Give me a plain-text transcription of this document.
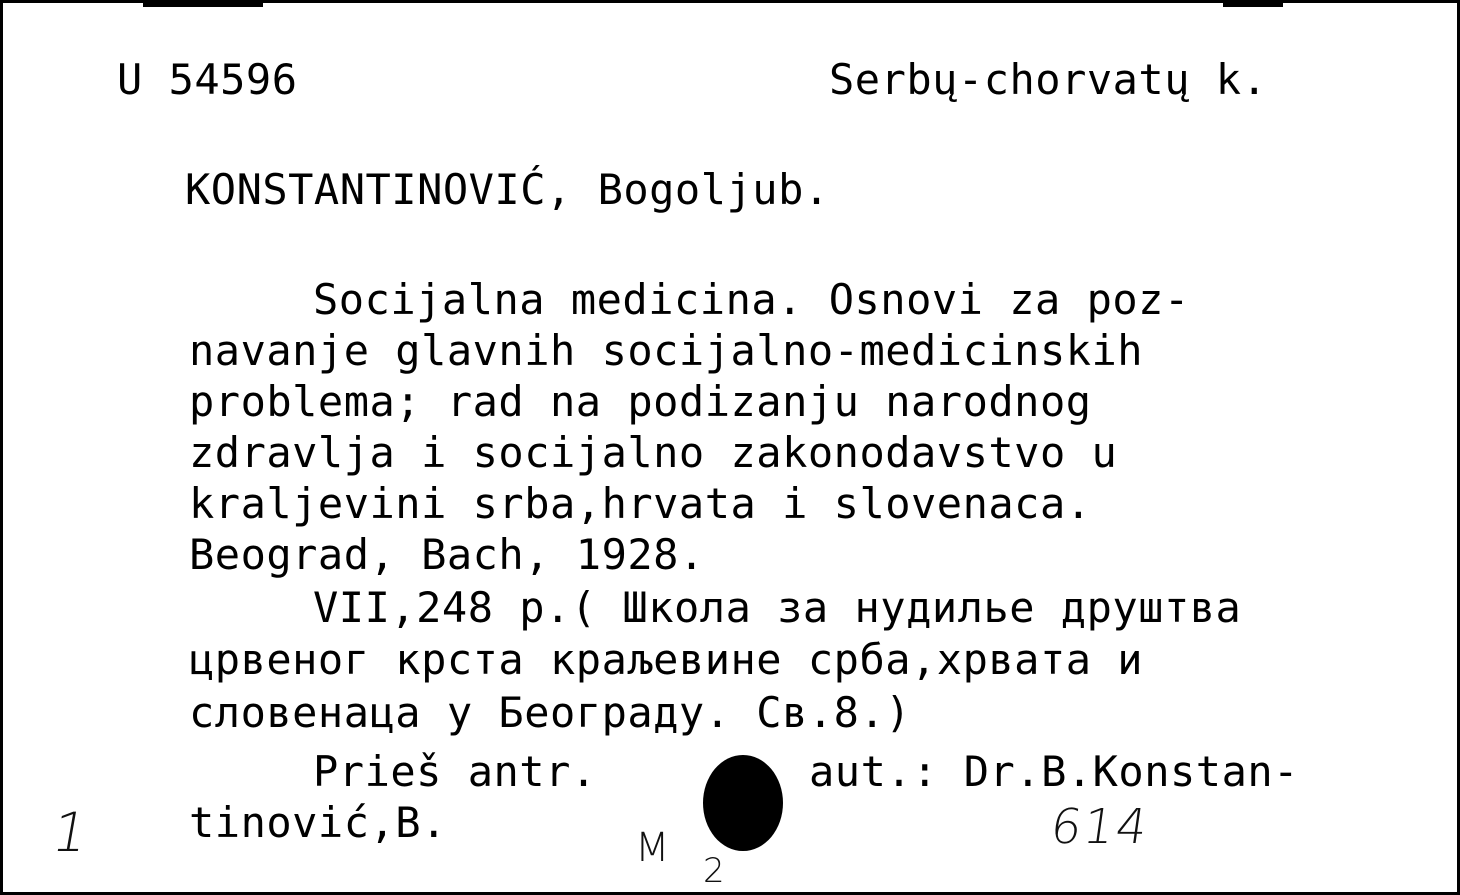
U 54596	Serbų-chorvatų k.
KONSTANTINOVIĆ, Bogoljub.
Socijalna medicina. Osnovi za poz-
navanje glavnih socijalno-medicinskih
problema; rad na podizanju narodnog
zdravlja i socijalno zakonodavstvo u
kraljevini srba,hrvata i slovenaca.
Beograd, Bach, 1928.
VII,248 p.( Школа за нудилье друштва
црвеног крста краљевине срба,хрвата и
словенаца у Београду. Св.8.)
Prieš antr.	aut.: Dr.B.Konstan-
tinović,B.
1	M	614
2
